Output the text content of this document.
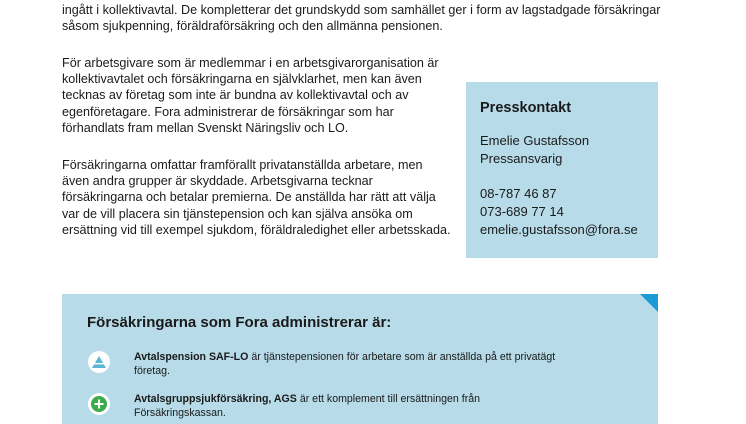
ingått i kollektivavtal. De kompletterar det grundskydd som samhället ger i form av lagstadgade försäkringar såsom sjukpenning, föräldraförsäkring och den allmänna pensionen.

För arbetsgivare som är medlemmar i en arbetsgivarorganisation är kollektivavtalet och försäkringarna en självklarhet, men kan även tecknas av företag som inte är bundna av kollektivavtal och av egenföretagare. Fora administrerar de försäkringar som har förhandlats fram mellan Svenskt Näringsliv och LO.

Försäkringarna omfattar framförallt privatanställda arbetare, men även andra grupper är skyddade. Arbetsgivarna tecknar försäkringarna och betalar premierna. De anställda har rätt att välja var de vill placera sin tjänstepension och kan själva ansöka om ersättning vid till exempel sjukdom, föräldraledighet eller arbetsskada.

Presskontakt
Emelie Gustafsson
Pressansvarig
08-787 46 87
073-689 77 14
emelie.gustafsson@fora.se
Försäkringarna som Fora administrerar är:
Avtalspension SAF-LO är tjänstepensionen för arbetare som är anställda på ett privatägt företag.
Avtalsgruppsjukförsäkring, AGS är ett komplement till ersättningen från Försäkringskassan.
